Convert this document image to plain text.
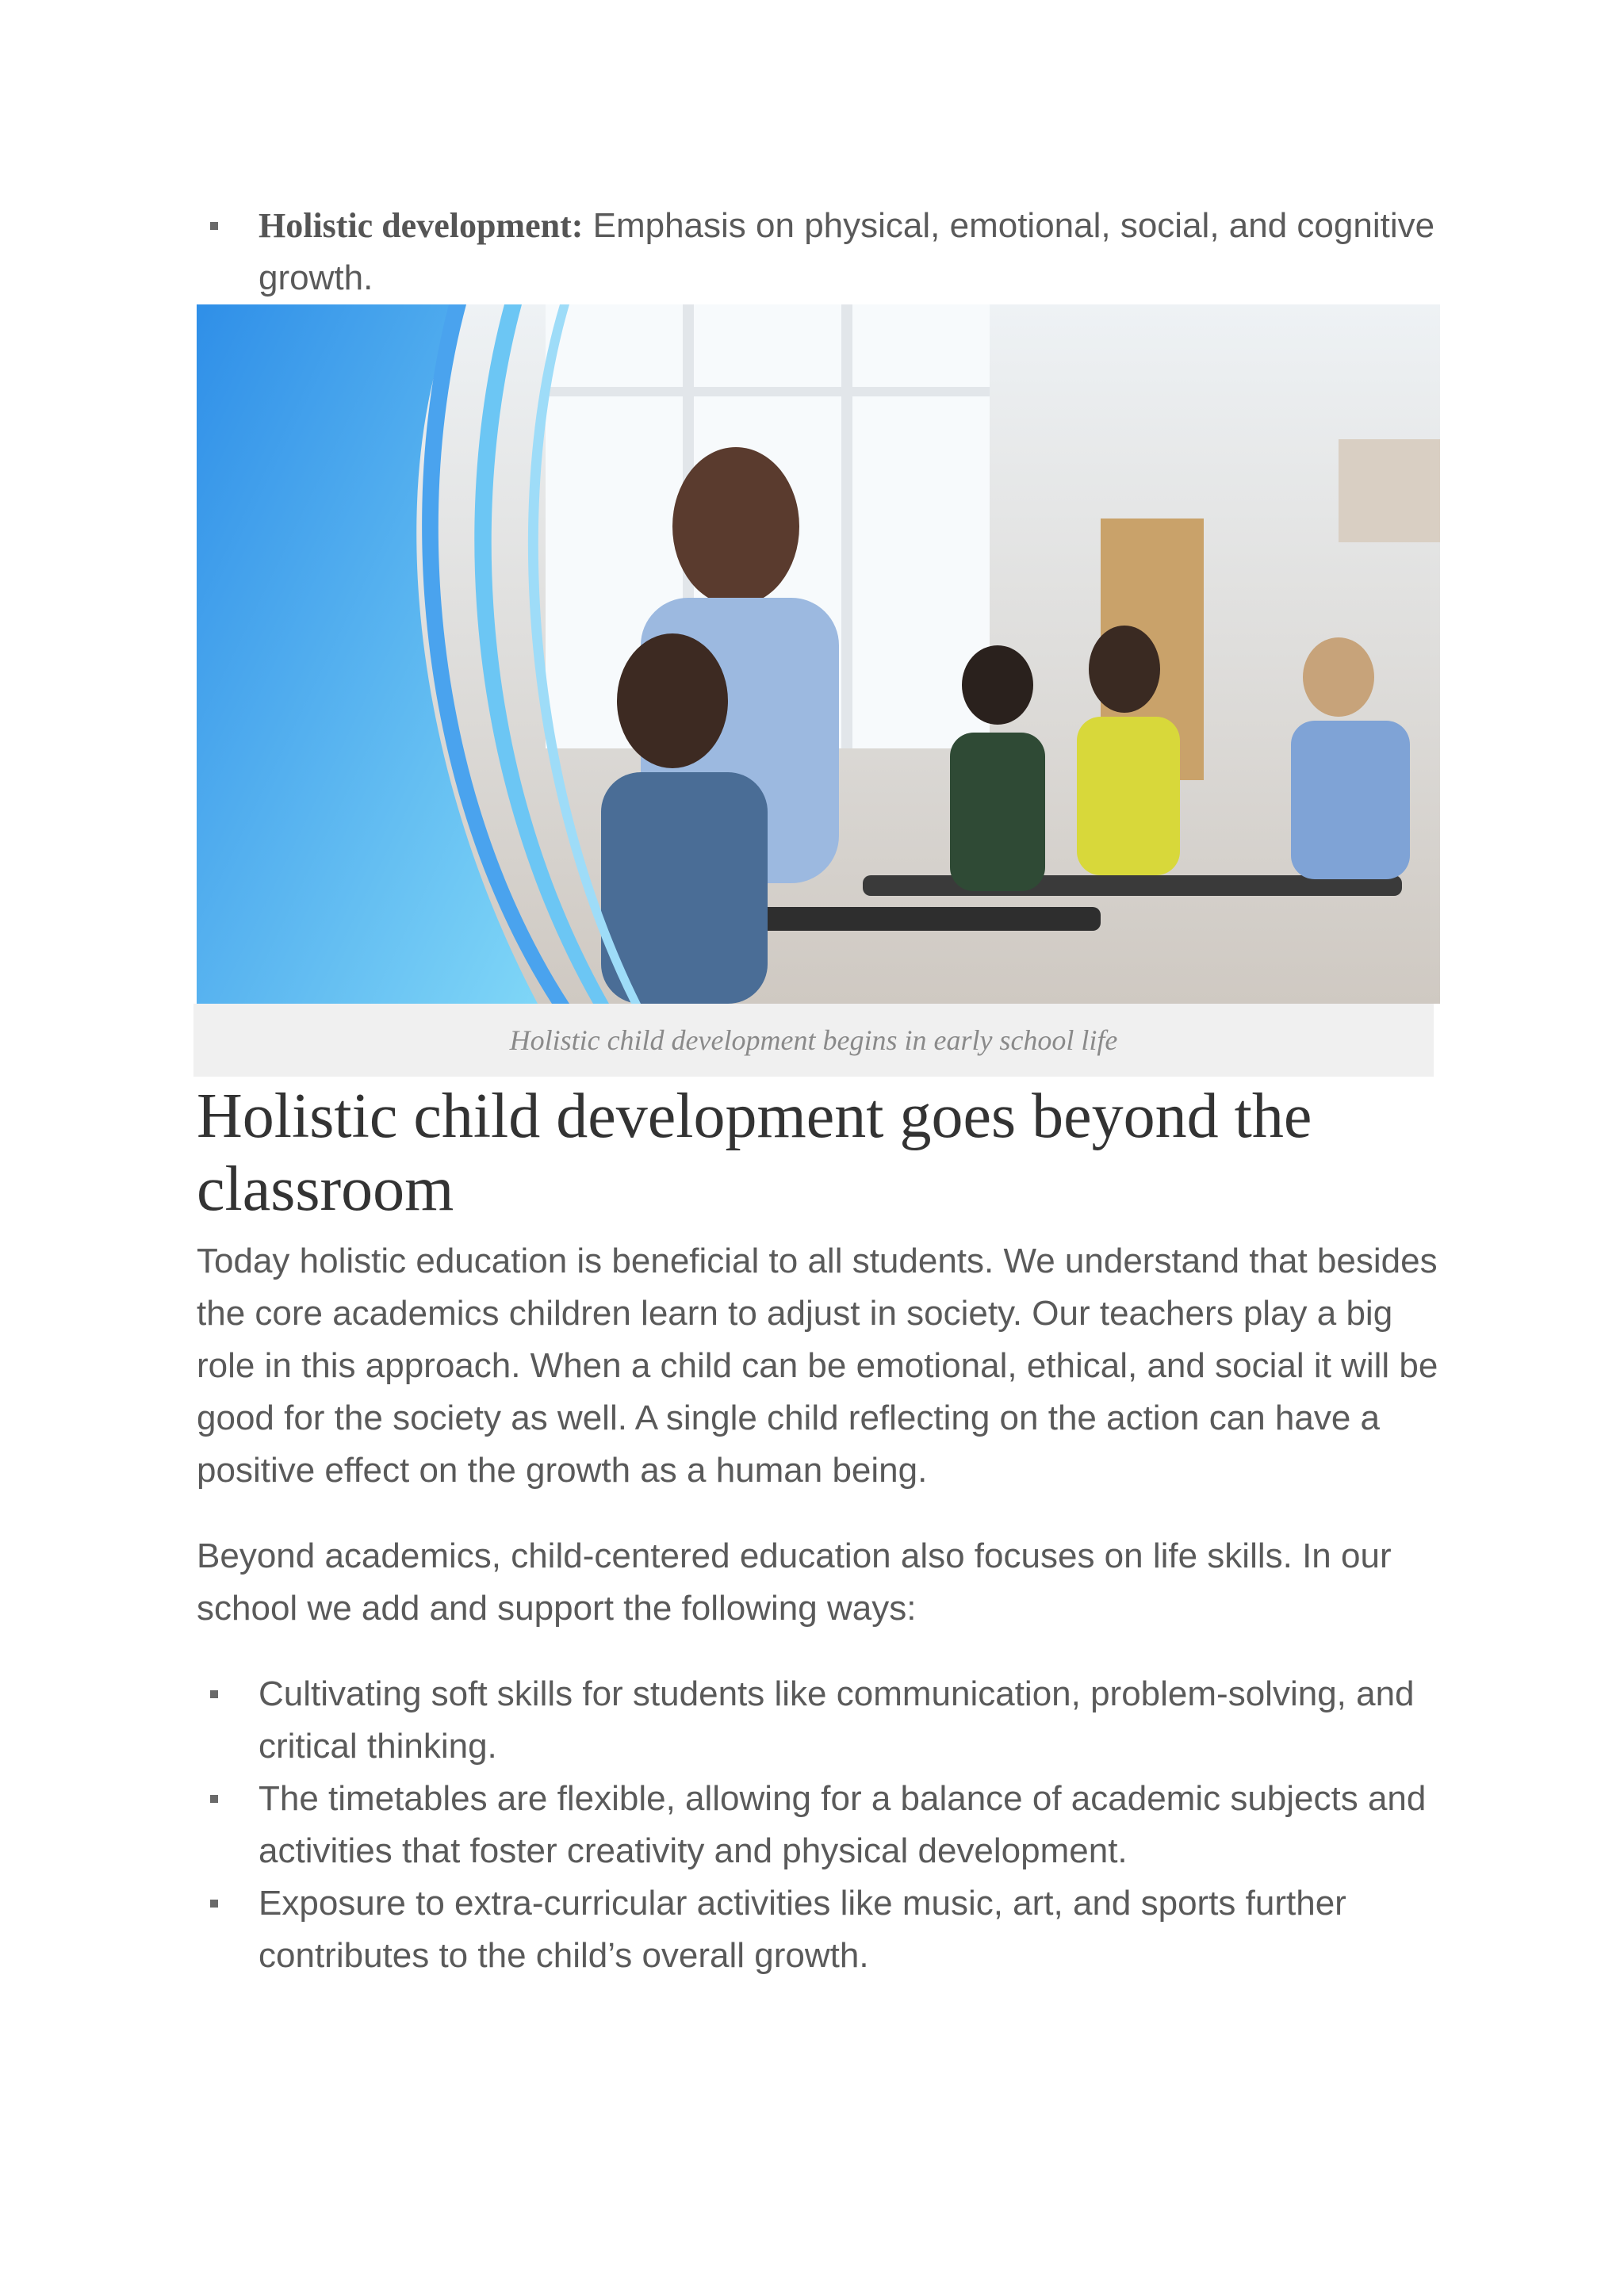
Holistic development: Emphasis on physical, emotional, social, and cognitive growth.
Holistic child development begins in early school life
Holistic child development goes beyond the classroom

Today holistic education is beneficial to all students. We understand that besides the core academics children learn to adjust in society. Our teachers play a big role in this approach. When a child can be emotional, ethical, and social it will be good for the society as well. A single child reflecting on the action can have a positive effect on the growth as a human being.

Beyond academics, child-centered education also focuses on life skills. In our school we add and support the following ways:

Cultivating soft skills for students like communication, problem-solving, and critical thinking.
The timetables are flexible, allowing for a balance of academic subjects and activities that foster creativity and physical development.
Exposure to extra-curricular activities like music, art, and sports further contributes to the child’s overall growth.
